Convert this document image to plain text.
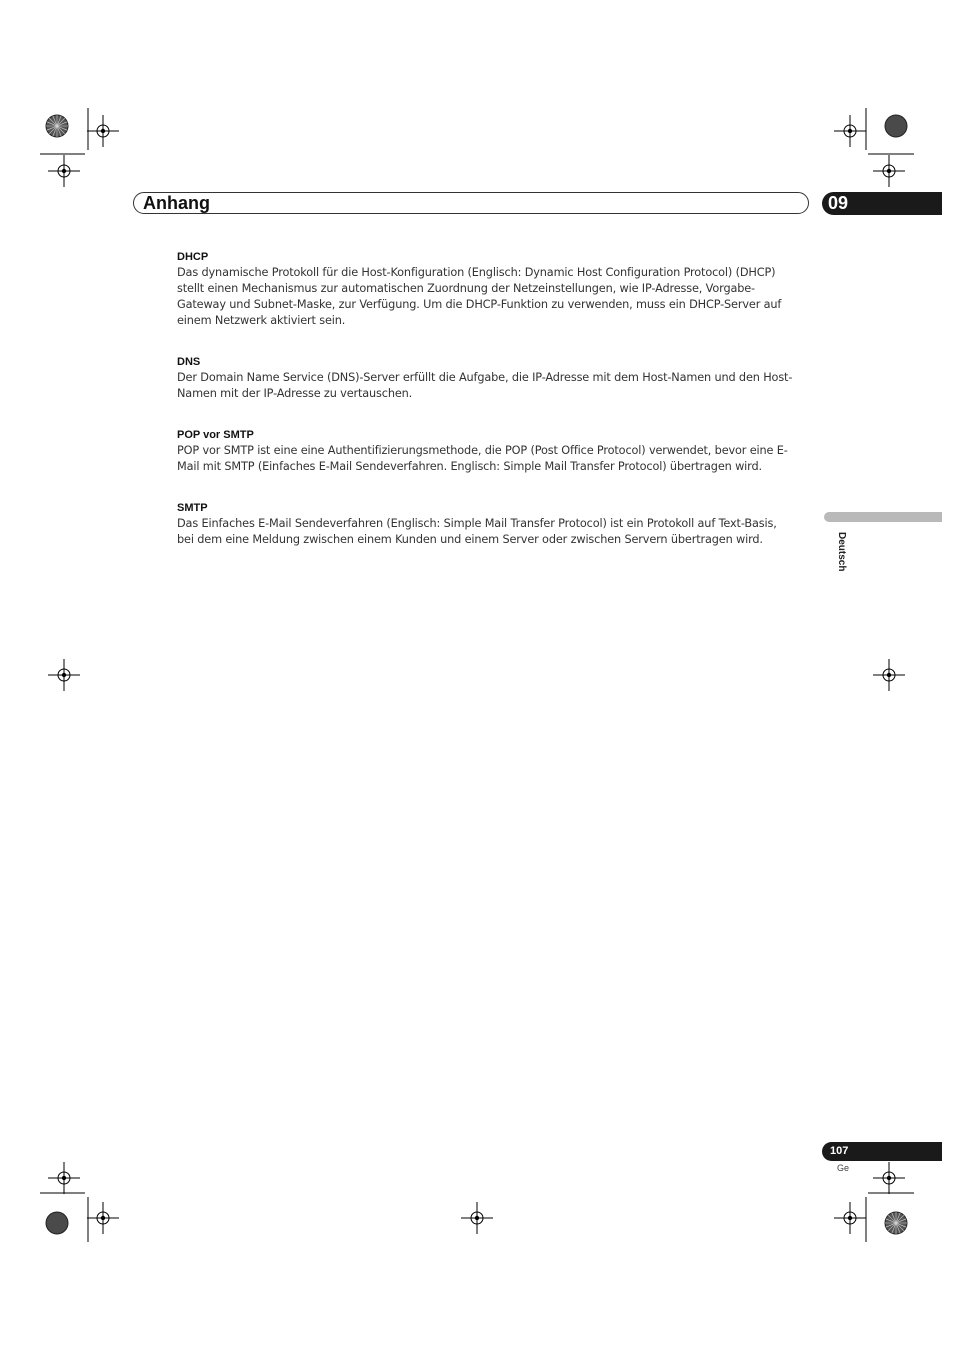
Anhang	09
DHCP

Das dynamische Protokoll für die Host-Konfiguration (Englisch: Dynamic Host Configuration Protocol) (DHCP)
stellt einen Mechanismus zur automatischen Zuordnung der Netzeinstellungen, wie IP-Adresse, Vorgabe-
Gateway und Subnet-Maske, zur Verfügung. Um die DHCP-Funktion zu verwenden, muss ein DHCP-Server auf
einem Netzwerk aktiviert sein.

DNS

Der Domain Name Service (DNS)-Server erfüllt die Aufgabe, die IP-Adresse mit dem Host-Namen und den Host-
Namen mit der IP-Adresse zu vertauschen.

POP vor SMTP

POP vor SMTP ist eine eine Authentifizierungsmethode, die POP (Post Office Protocol) verwendet, bevor eine E-
Mail mit SMTP (Einfaches E-Mail Sendeverfahren. Englisch: Simple Mail Transfer Protocol) übertragen wird.

SMTP

Das Einfaches E-Mail Sendeverfahren (Englisch: Simple Mail Transfer Protocol) ist ein Protokoll auf Text-Basis,
bei dem eine Meldung zwischen einem Kunden und einem Server oder zwischen Servern übertragen wird.	Deutsch
107
Ge
